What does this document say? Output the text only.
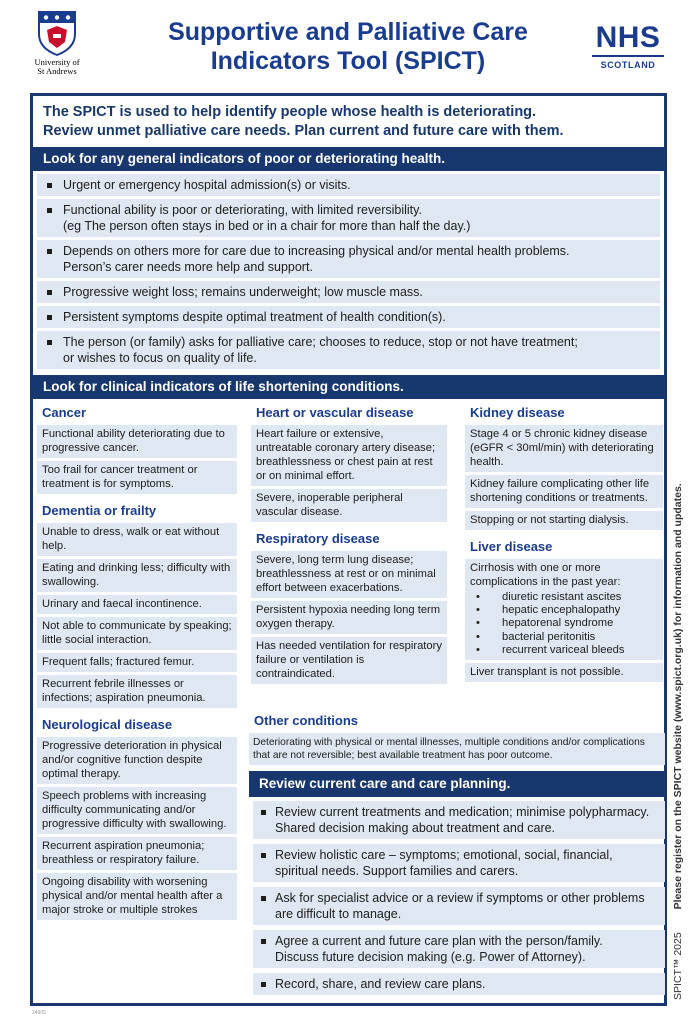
University of
St Andrews
Supportive and Palliative Care
Indicators Tool (SPICT)
NHS
SCOTLAND
The SPICT is used to help identify people whose health is deteriorating.
Review unmet palliative care needs. Plan current and future care with them.
Look for any general indicators of poor or deteriorating health.
Urgent or emergency hospital admission(s) or visits.
Functional ability is poor or deteriorating, with limited reversibility.
(eg The person often stays in bed or in a chair for more than half the day.)
Depends on others more for care due to increasing physical and/or mental health problems.
Person’s carer needs more help and support.
Progressive weight loss; remains underweight; low muscle mass.
Persistent symptoms despite optimal treatment of health condition(s).
The person (or family) asks for palliative care; chooses to reduce, stop or not have treatment;
or wishes to focus on quality of life.
Look for clinical indicators of life shortening conditions.
Cancer
Functional ability deteriorating due to progressive cancer.
Too frail for cancer treatment or treatment is for symptoms.
Dementia or frailty
Unable to dress, walk or eat without help.
Eating and drinking less; difficulty with swallowing.
Urinary and faecal incontinence.
Not able to communicate by speaking; little social interaction.
Frequent falls; fractured femur.
Recurrent febrile illnesses or infections; aspiration pneumonia.
Neurological disease
Progressive deterioration in physical and/or cognitive function despite optimal therapy.
Speech problems with increasing difficulty communicating and/or progressive difficulty with swallowing.
Recurrent aspiration pneumonia; breathless or respiratory failure.
Ongoing disability with worsening physical and/or mental health after a major stroke or multiple strokes
Heart or vascular disease
Heart failure or extensive, untreatable coronary artery disease; breathlessness or chest pain at rest or on minimal effort.
Severe, inoperable peripheral vascular disease.
Respiratory disease
Severe, long term lung disease; breathlessness at rest or on minimal effort between exacerbations.
Persistent hypoxia needing long term oxygen therapy.
Has needed ventilation for respiratory failure or ventilation is contraindicated.
Kidney disease
Stage 4 or 5 chronic kidney disease (eGFR < 30ml/min) with deteriorating health.
Kidney failure complicating other life shortening conditions or treatments.
Stopping or not starting dialysis.
Liver disease
Cirrhosis with one or more complications in the past year:
• diuretic resistant ascites
• hepatic encephalopathy
• hepatorenal syndrome
• bacterial peritonitis
• recurrent variceal bleeds
Liver transplant is not possible.
Other conditions
Deteriorating with physical or mental illnesses, multiple conditions and/or complications that are not reversible; best available treatment has poor outcome.
Review current care and care planning.
Review current treatments and medication; minimise polypharmacy.
Shared decision making about treatment and care.
Review holistic care – symptoms; emotional, social, financial, spiritual needs. Support families and carers.
Ask for specialist advice or a review if symptoms or other problems are difficult to manage.
Agree a current and future care plan with the person/family.
Discuss future decision making (e.g. Power of Attorney).
Record, share, and review care plans.	SPICT™ 2025 Please register on the SPICT website (www.spict.org.uk) for information and updates.
24905
